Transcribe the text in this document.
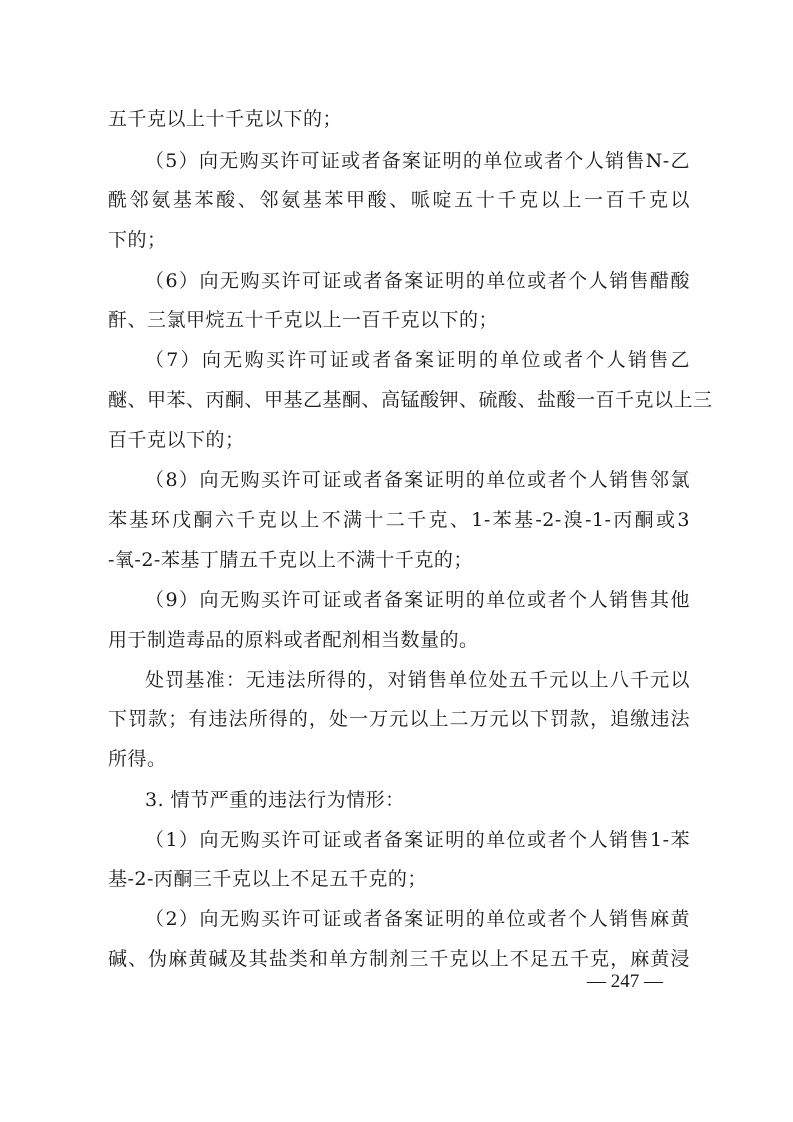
五千克以上十千克以下的；
（5）向无购买许可证或者备案证明的单位或者个人销售N-乙
酰邻氨基苯酸、邻氨基苯甲酸、哌啶五十千克以上一百千克以
下的；
（6）向无购买许可证或者备案证明的单位或者个人销售醋酸
酐、三氯甲烷五十千克以上一百千克以下的；
（7）向无购买许可证或者备案证明的单位或者个人销售乙
醚、甲苯、丙酮、甲基乙基酮、高锰酸钾、硫酸、盐酸一百千克以上三
百千克以下的；
（8）向无购买许可证或者备案证明的单位或者个人销售邻氯
苯基环戊酮六千克以上不满十二千克、1-苯基-2-溴-1-丙酮或3
-氧-2-苯基丁腈五千克以上不满十千克的；
（9）向无购买许可证或者备案证明的单位或者个人销售其他
用于制造毒品的原料或者配剂相当数量的。
处罚基准：无违法所得的，对销售单位处五千元以上八千元以
下罚款；有违法所得的，处一万元以上二万元以下罚款，追缴违法
所得。
3. 情节严重的违法行为情形：
（1）向无购买许可证或者备案证明的单位或者个人销售1-苯
基-2-丙酮三千克以上不足五千克的；
（2）向无购买许可证或者备案证明的单位或者个人销售麻黄
碱、伪麻黄碱及其盐类和单方制剂三千克以上不足五千克，麻黄浸
— 247 —
